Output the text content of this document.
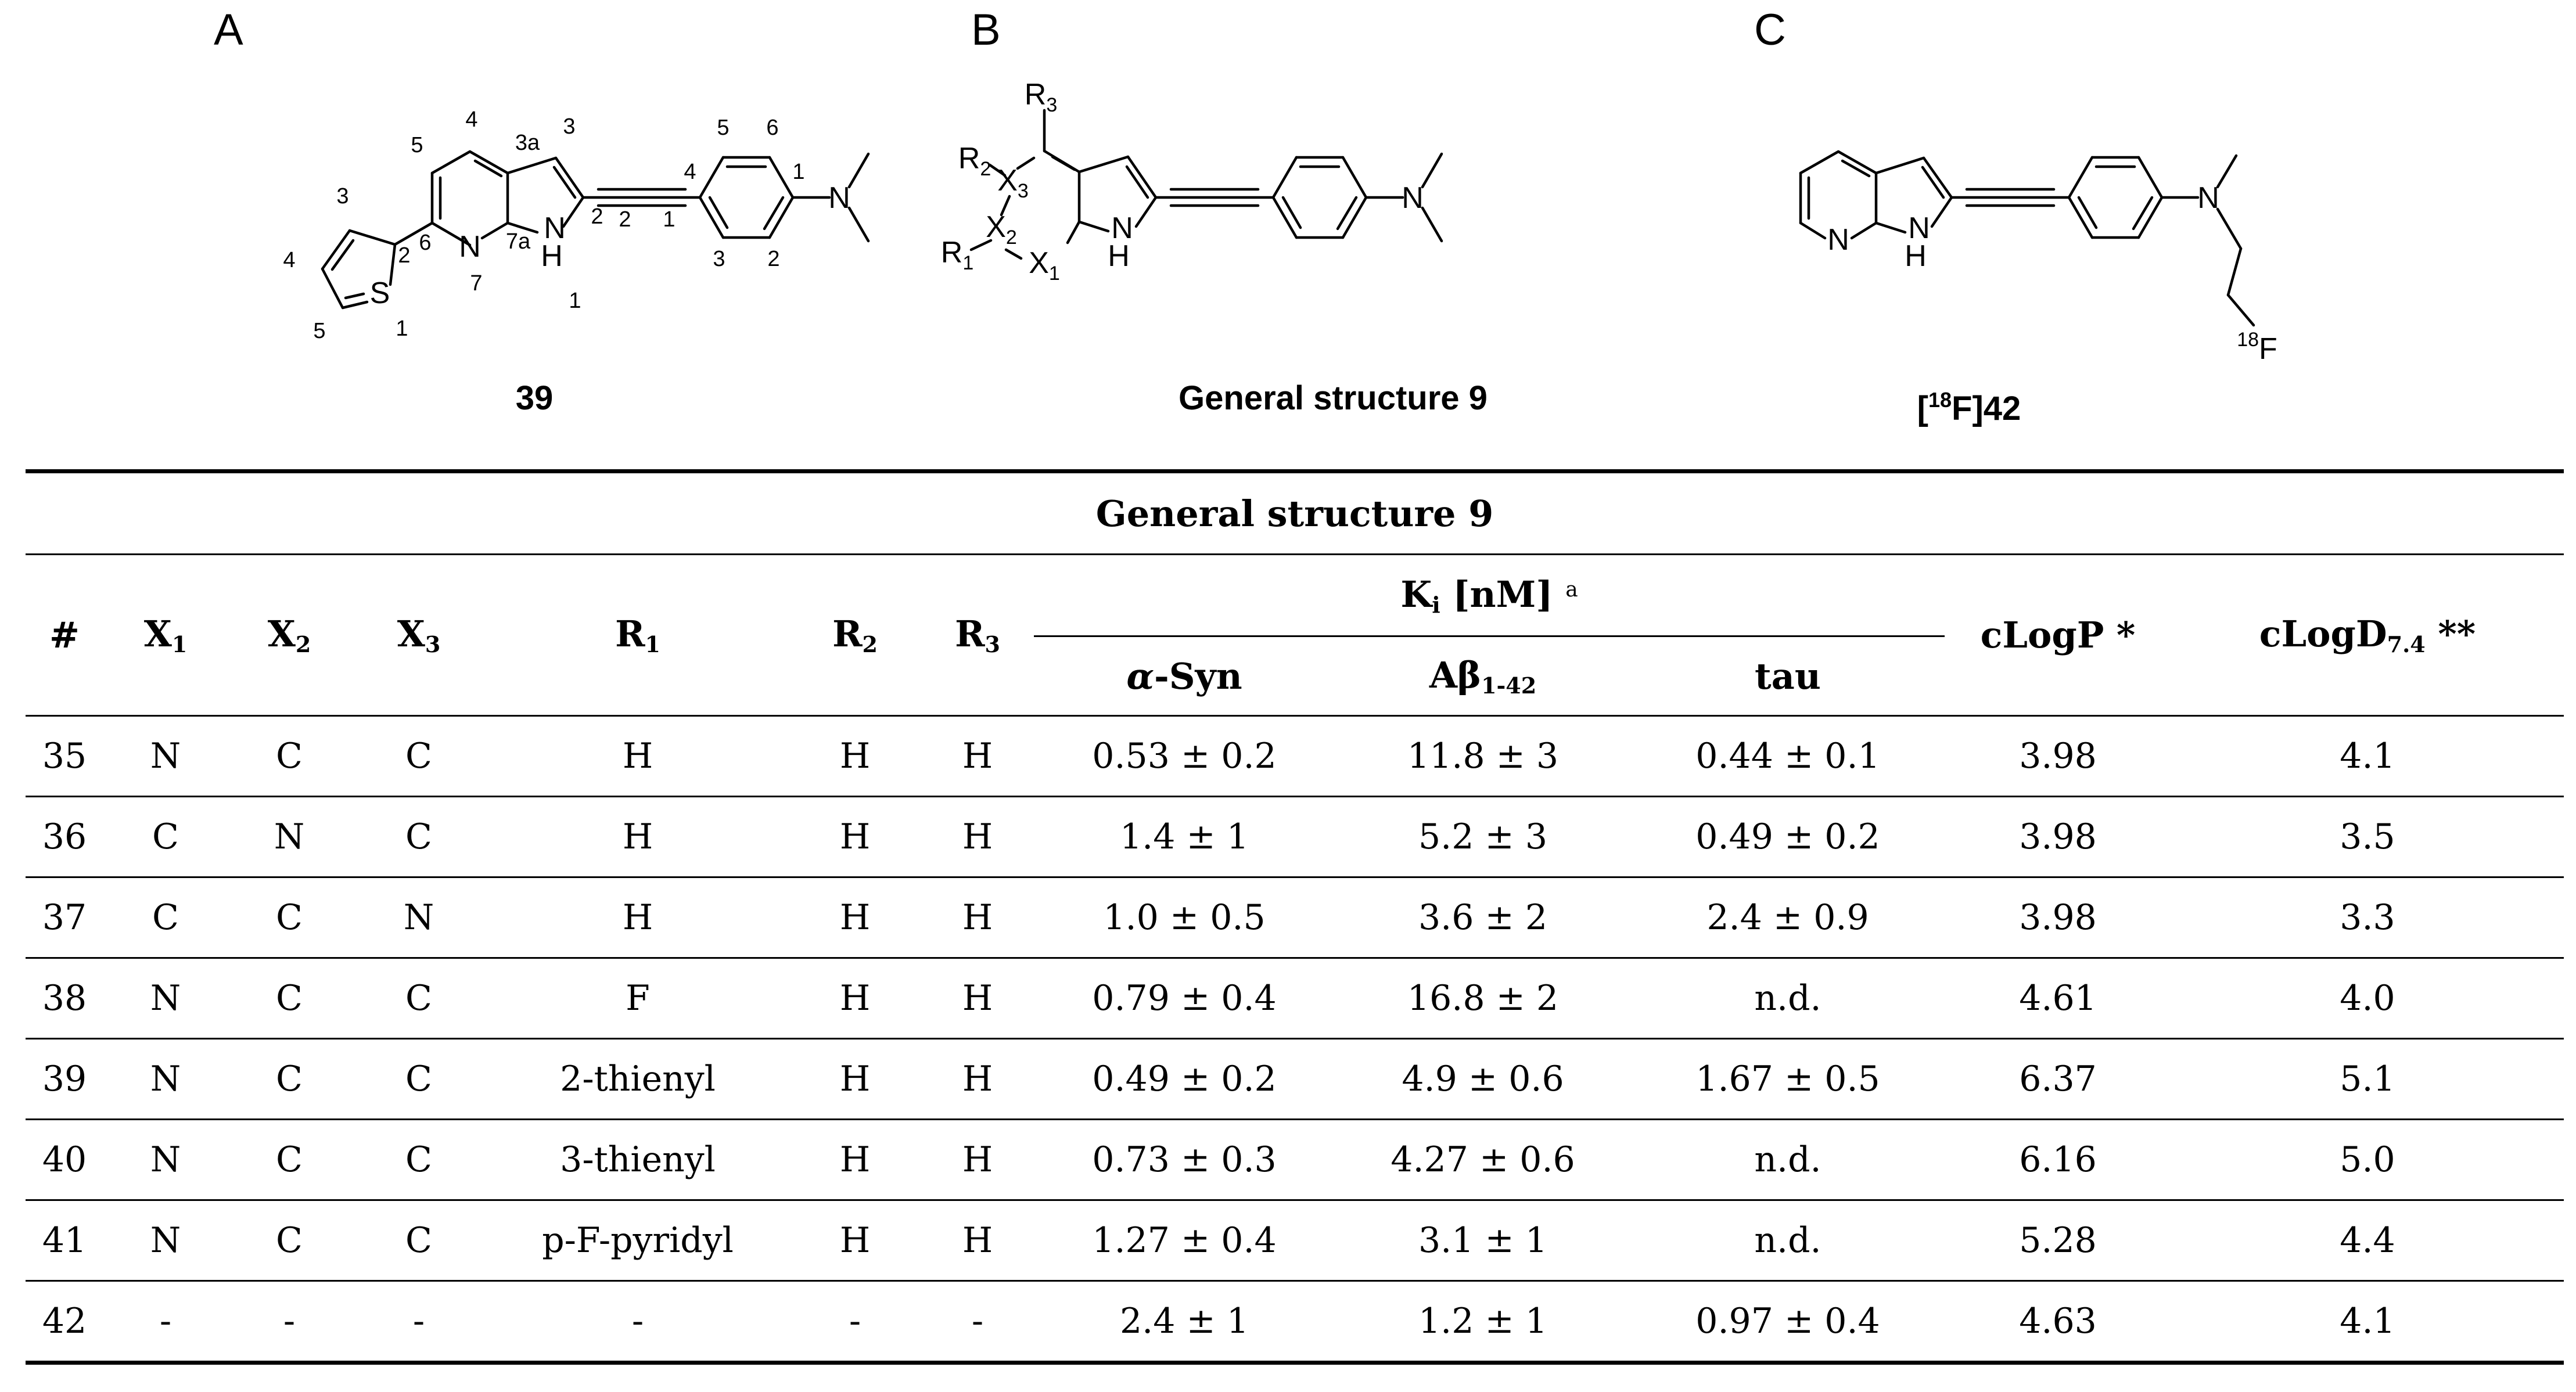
A
N
N
H
S
N
4
3a
3
5
6	7a
2
7
1
3
2
4
5	1
2 1
5 6
4	1
3 2
39
B
$R_3$
$R_2$
$R_1$
$X_3$
$X_2$
$X_1$
N
H
N
General structure 9
C
N N
H
N
$^{18}$F
[$^{18}$F]42
General structure 9											
#	$X_1$	$X_2$	$X_3$	$R_1$	$R_2$	$R_3$	$K_i$ [nM] $^a$			cLogP *	cLogD$_{7.4}$ **
							α-Syn	$A\beta_{1-42}$	tau		
35	N	C	C	H	H	H	0.53 ± 0.2	11.8 ± 3	0.44 ± 0.1	3.98	4.1
36	C	N	C	H	H	H	1.4 ± 1	5.2 ± 3	0.49 ± 0.2	3.98	3.5
37	C	C	N	H	H	H	1.0 ± 0.5	3.6 ± 2	2.4 ± 0.9	3.98	3.3
38	N	C	C	F	H	H	0.79 ± 0.4	16.8 ± 2	n.d.	4.61	4.0
39	N	C	C	2-thienyl	H	H	0.49 ± 0.2	4.9 ± 0.6	1.67 ± 0.5	6.37	5.1
40	N	C	C	3-thienyl	H	H	0.73 ± 0.3	4.27 ± 0.6	n.d.	6.16	5.0
41	N	C	C	p-F-pyridyl	H	H	1.27 ± 0.4	3.1 ± 1	n.d.	5.28	4.4
42	-	-	-	-	-	-	2.4 ± 1	1.2 ± 1	0.97 ± 0.4	4.63	4.1
